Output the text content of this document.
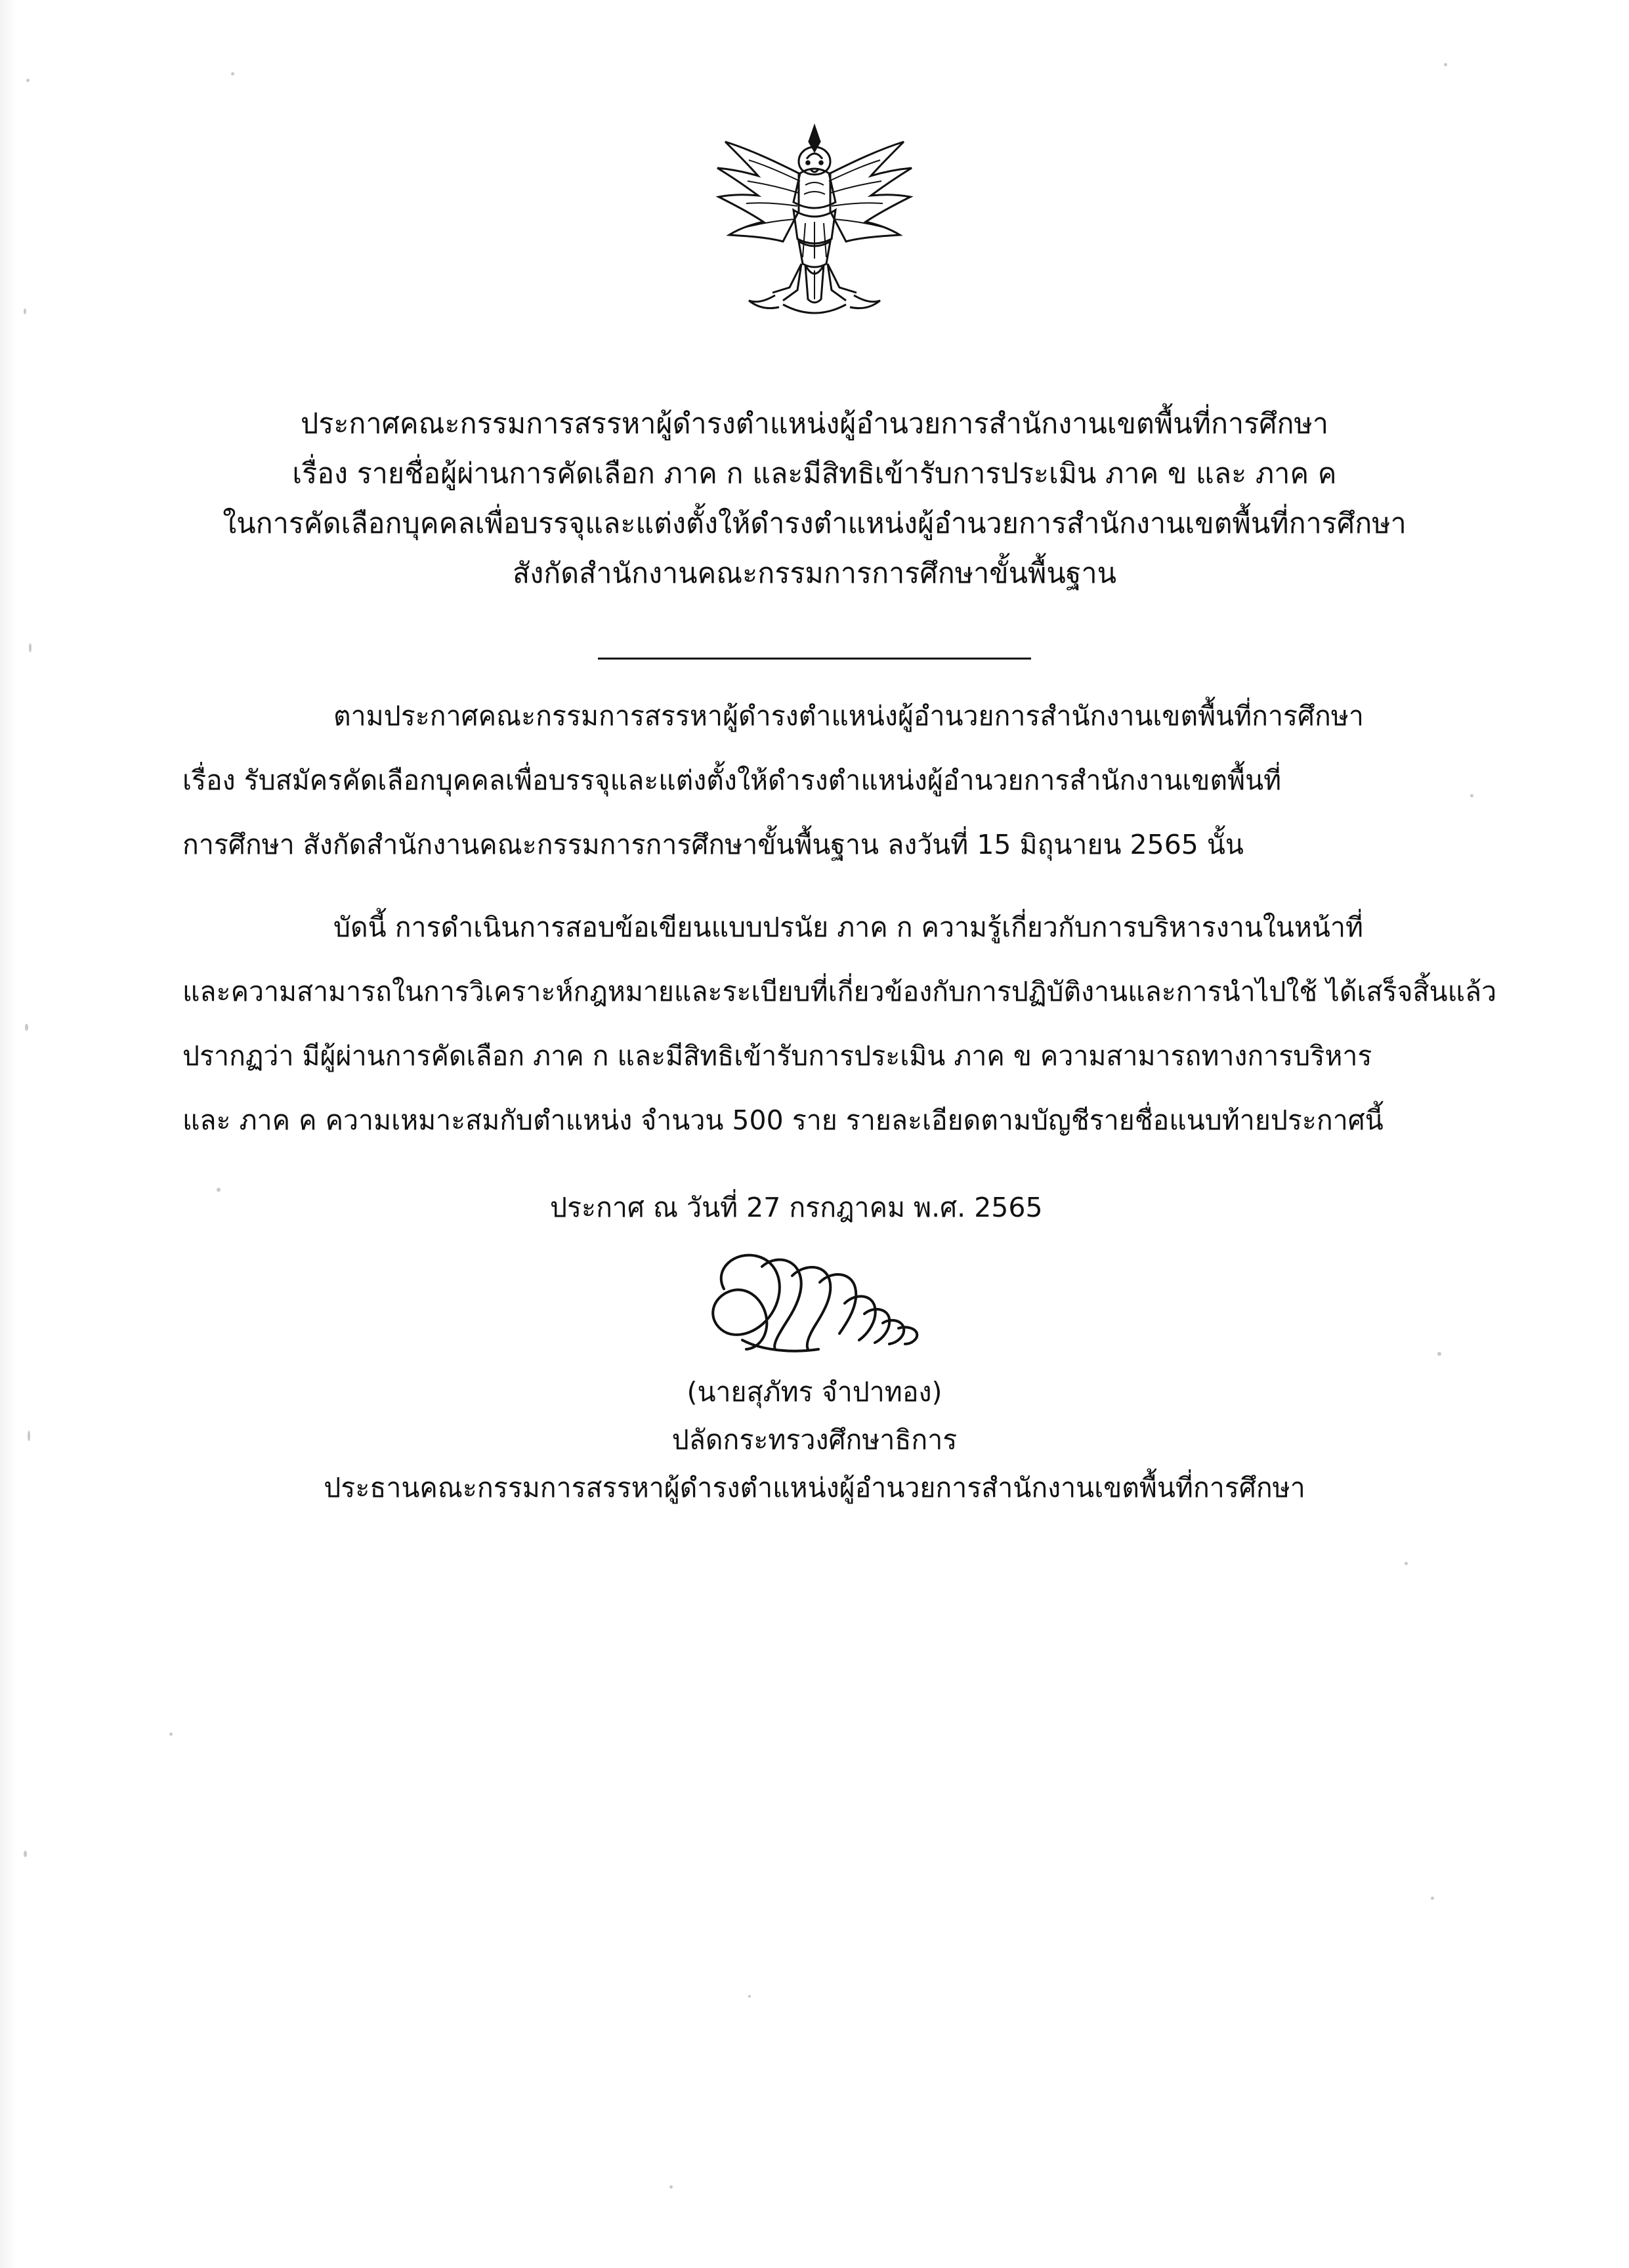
ประกาศคณะกรรมการสรรหาผู้ดำรงตำแหน่งผู้อำนวยการสำนักงานเขตพื้นที่การศึกษา
เรื่อง รายชื่อผู้ผ่านการคัดเลือก ภาค ก และมีสิทธิเข้ารับการประเมิน ภาค ข และ ภาค ค
ในการคัดเลือกบุคคลเพื่อบรรจุและแต่งตั้งให้ดำรงตำแหน่งผู้อำนวยการสำนักงานเขตพื้นที่การศึกษา
สังกัดสำนักงานคณะกรรมการการศึกษาขั้นพื้นฐาน

ตามประกาศคณะกรรมการสรรหาผู้ดำรงตำแหน่งผู้อำนวยการสำนักงานเขตพื้นที่การศึกษา
เรื่อง รับสมัครคัดเลือกบุคคลเพื่อบรรจุและแต่งตั้งให้ดำรงตำแหน่งผู้อำนวยการสำนักงานเขตพื้นที่
การศึกษา สังกัดสำนักงานคณะกรรมการการศึกษาขั้นพื้นฐาน ลงวันที่ 15 มิถุนายน 2565 นั้น

บัดนี้ การดำเนินการสอบข้อเขียนแบบปรนัย ภาค ก ความรู้เกี่ยวกับการบริหารงานในหน้าที่
และความสามารถในการวิเคราะห์กฎหมายและระเบียบที่เกี่ยวข้องกับการปฏิบัติงานและการนำไปใช้ ได้เสร็จสิ้นแล้ว
ปรากฏว่า มีผู้ผ่านการคัดเลือก ภาค ก และมีสิทธิเข้ารับการประเมิน ภาค ข ความสามารถทางการบริหาร
และ ภาค ค ความเหมาะสมกับตำแหน่ง จำนวน 500 ราย รายละเอียดตามบัญชีรายชื่อแนบท้ายประกาศนี้

ประกาศ ณ วันที่ 27 กรกฎาคม พ.ศ. 2565
(นายสุภัทร จำปาทอง)
ปลัดกระทรวงศึกษาธิการ
ประธานคณะกรรมการสรรหาผู้ดำรงตำแหน่งผู้อำนวยการสำนักงานเขตพื้นที่การศึกษา
